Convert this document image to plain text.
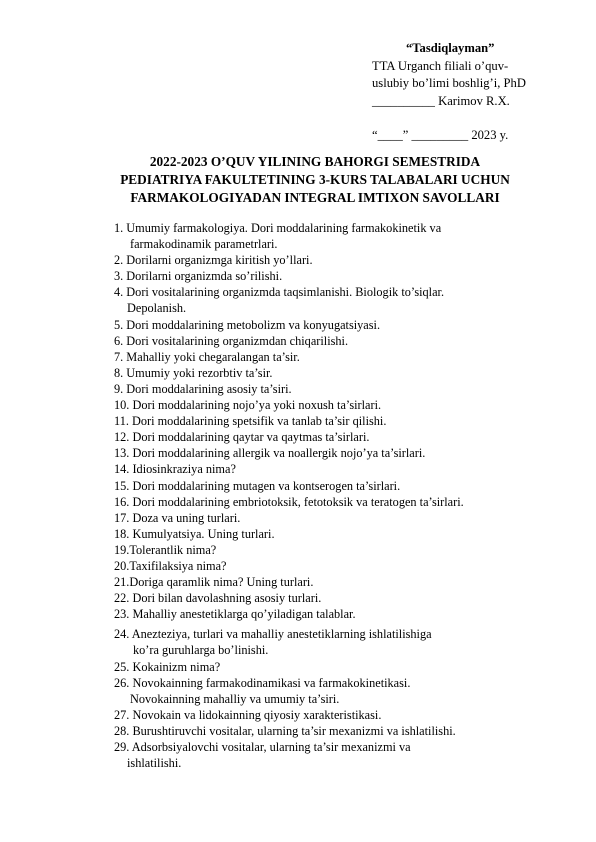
“Tasdiqlayman”
TTA Urganch filiali o’quv-
uslubiy bo’limi boshlig’i, PhD
__________ Karimov R.X.
“____” _________ 2023 y.
2022-2023 O’QUV YILINING BAHORGI SEMESTRIDA
PEDIATRIYA FAKULTETINING 3-KURS TALABALARI UCHUN
FARMAKOLOGIYADAN INTEGRAL IMTIXON SAVOLLARI
1. Umumiy farmakologiya. Dori moddalarining farmakokinetik va
farmakodinamik parametrlari.
2. Dorilarni organizmga kiritish yo’llari.
3. Dorilarni organizmda so’rilishi.
4. Dori vositalarining organizmda taqsimlanishi. Biologik to’siqlar.
Depolanish.
5. Dori moddalarining metobolizm va konyugatsiyasi.
6. Dori vositalarining organizmdan chiqarilishi.
7. Mahalliy yoki chegaralangan ta’sir.
8. Umumiy yoki rezorbtiv ta’sir.
9. Dori moddalarining asosiy ta’siri.
10. Dori moddalarining nojo’ya yoki noxush ta’sirlari.
11. Dori moddalarining spetsifik va tanlab ta’sir qilishi.
12. Dori moddalarining qaytar va qaytmas ta’sirlari.
13. Dori moddalarining allergik va noallergik nojo’ya ta’sirlari.
14. Idiosinkraziya nima?
15. Dori moddalarining mutagen va kontserogen ta’sirlari.
16. Dori moddalarining embriotoksik, fetotoksik va teratogen ta’sirlari.
17. Doza va uning turlari.
18. Kumulyatsiya. Uning turlari.
19.Tolerantlik nima?
20.Taxifilaksiya nima?
21.Doriga qaramlik nima? Uning turlari.
22. Dori bilan davolashning asosiy turlari.
23. Mahalliy anestetiklarga qo’yiladigan talablar.
24. Anezteziya, turlari va mahalliy anestetiklarning ishlatilishiga
ko’ra guruhlarga bo’linishi.
25. Kokainizm nima?
26. Novokainning farmakodinamikasi va farmakokinetikasi.
Novokainning mahalliy va umumiy ta’siri.
27. Novokain va lidokainning qiyosiy xarakteristikasi.
28. Burushtiruvchi vositalar, ularning ta’sir mexanizmi va ishlatilishi.
29. Adsorbsiyalovchi vositalar, ularning ta’sir mexanizmi va
ishlatilishi.
